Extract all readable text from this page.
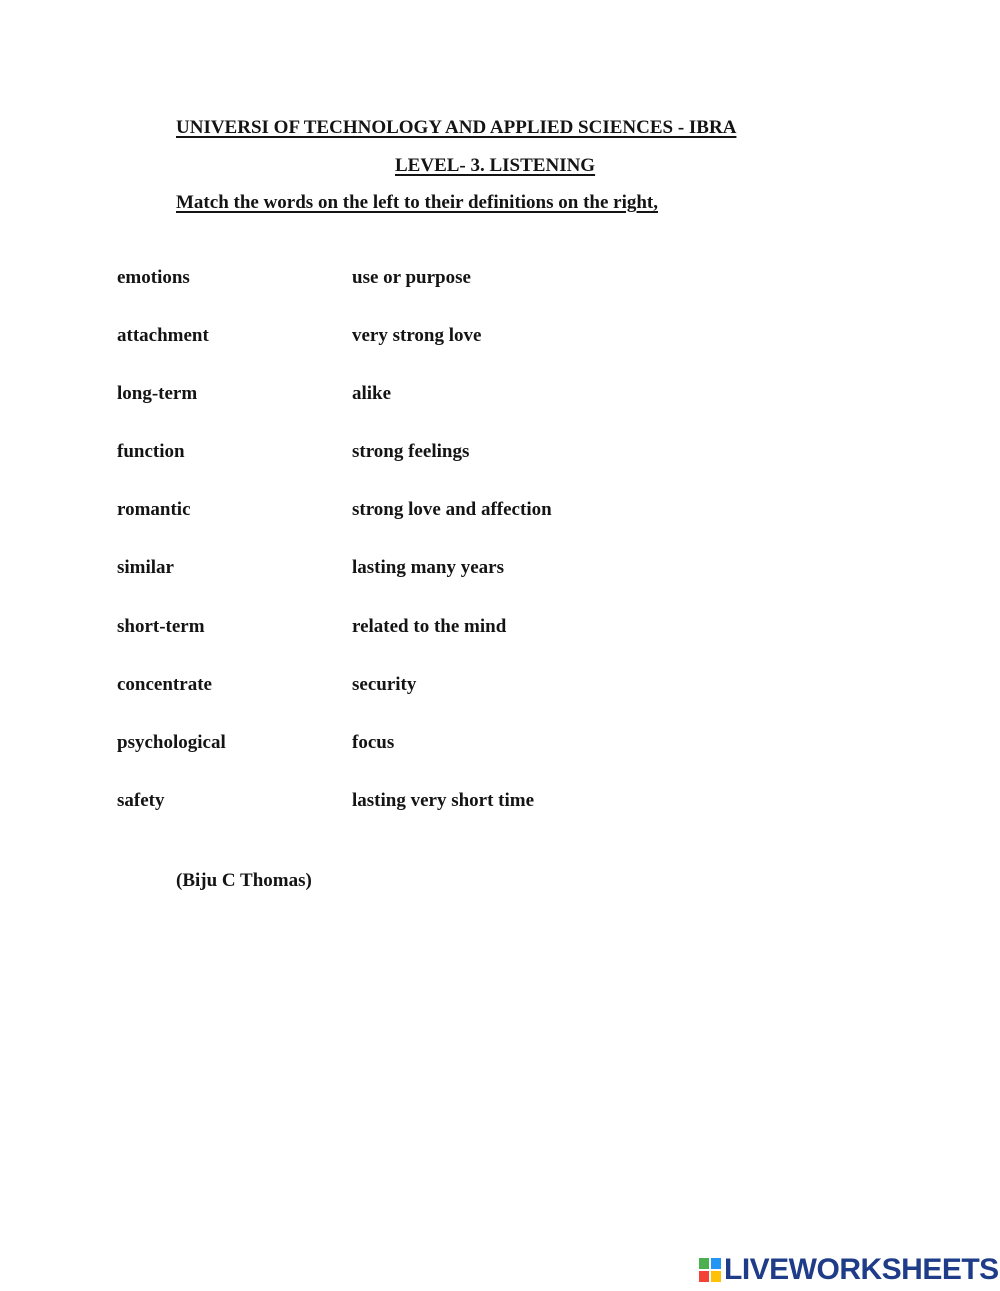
UNIVERSI OF TECHNOLOGY AND APPLIED SCIENCES - IBRA
LEVEL- 3. LISTENING
Match the words on the left to their definitions on the right,
emotions
attachment
long-term
function
romantic
similar
short-term
concentrate
psychological
safety
use or purpose
very strong love
alike
strong feelings
strong love and affection
lasting many years
related to the mind
security
focus
lasting very short time
(Biju C Thomas)
LIVEWORKSHEETS
